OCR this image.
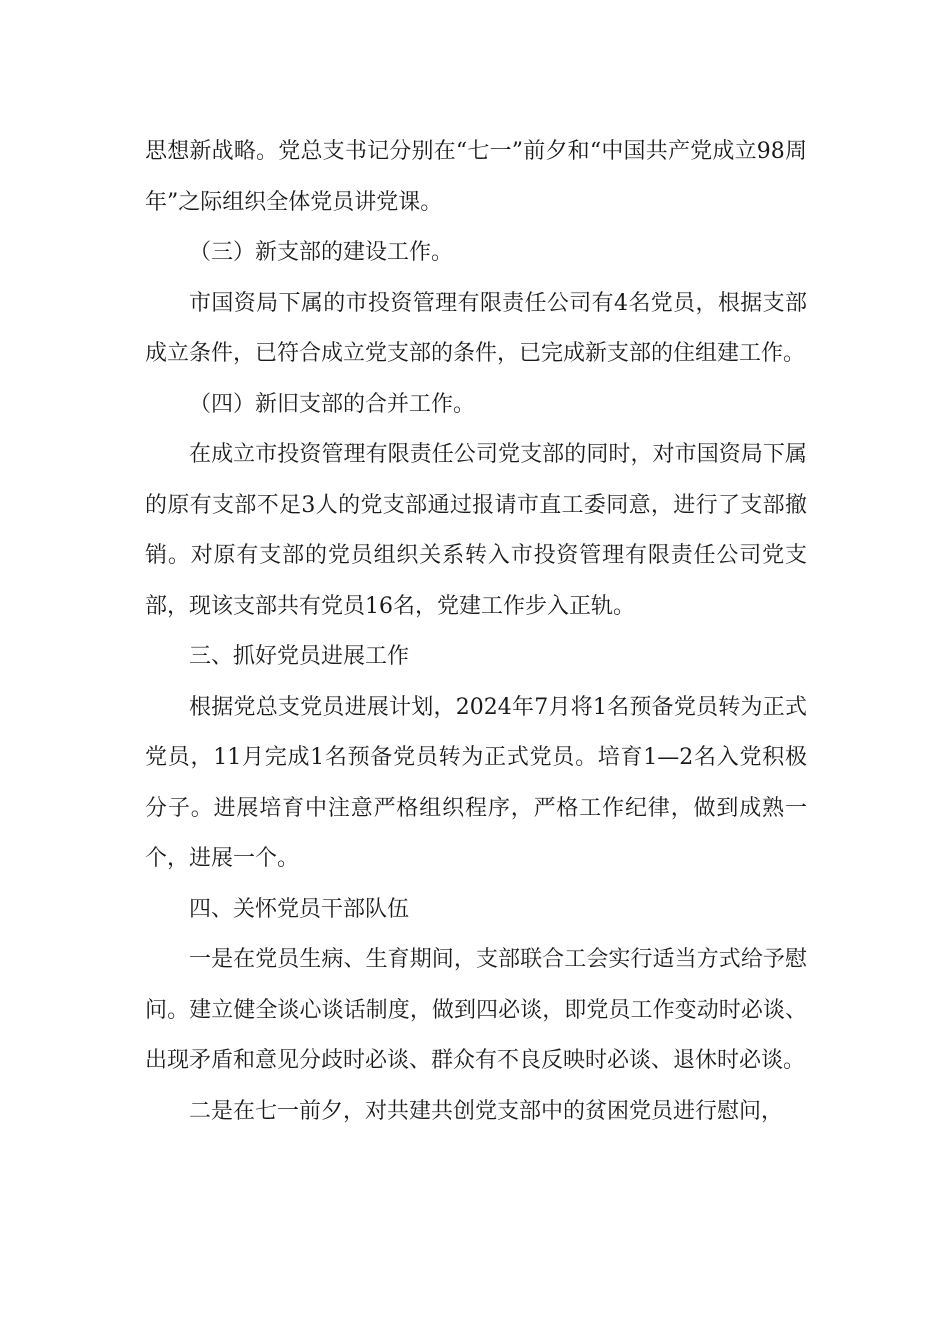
思想新战略。党总支书记分别在“七一”前夕和“中国共产党成立98周年”之际组织全体党员讲党课。

（三）新支部的建设工作。

市国资局下属的市投资管理有限责任公司有4名党员，根据支部成立条件，已符合成立党支部的条件，已完成新支部的住组建工作。

（四）新旧支部的合并工作。

在成立市投资管理有限责任公司党支部的同时，对市国资局下属的原有支部不足3人的党支部通过报请市直工委同意，进行了支部撤销。对原有支部的党员组织关系转入市投资管理有限责任公司党支部，现该支部共有党员16名，党建工作步入正轨。

三、抓好党员进展工作

根据党总支党员进展计划，2024年7月将1名预备党员转为正式党员，11月完成1名预备党员转为正式党员。培育1—2名入党积极分子。进展培育中注意严格组织程序，严格工作纪律，做到成熟一个，进展一个。

四、关怀党员干部队伍

一是在党员生病、生育期间，支部联合工会实行适当方式给予慰问。建立健全谈心谈话制度，做到四必谈，即党员工作变动时必谈、出现矛盾和意见分歧时必谈、群众有不良反映时必谈、退休时必谈。

二是在七一前夕，对共建共创党支部中的贫困党员进行慰问，
